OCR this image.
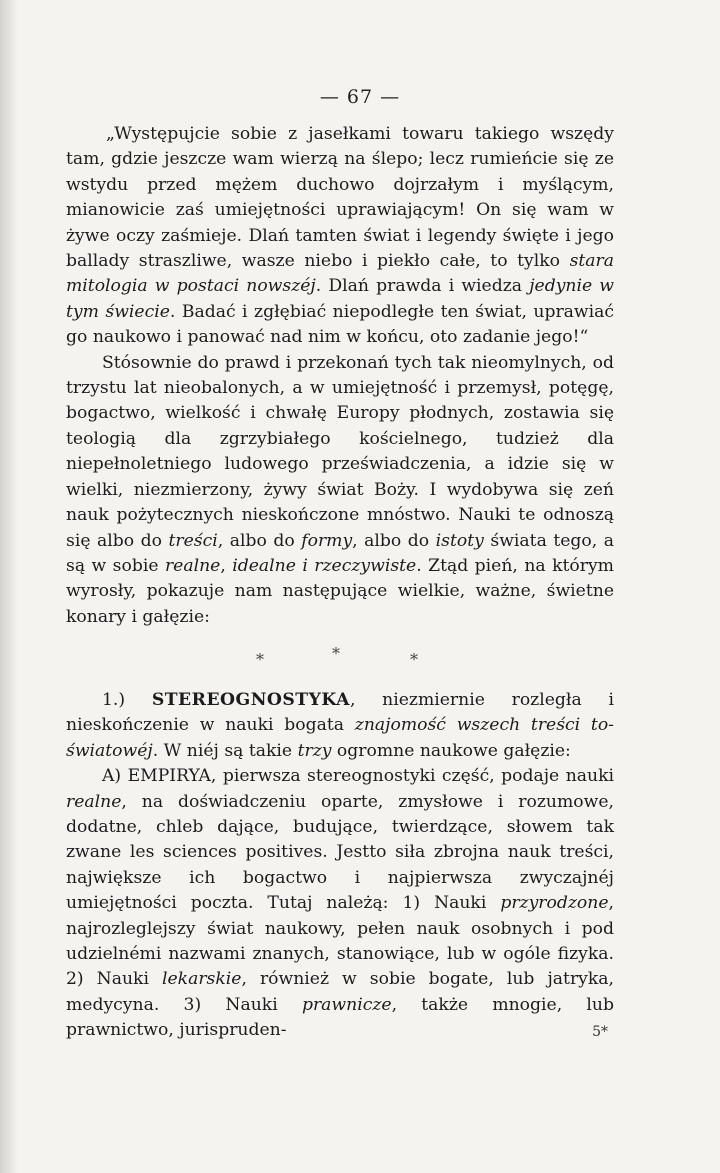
— 67 —

„Występujcie sobie z jasełkami towaru takiego wszędy tam, gdzie jeszcze wam wierzą na ślepo; lecz rumieńcie się ze wstydu przed mężem duchowo dojrzałym i myślącym, mianowicie zaś umiejętności uprawiającym! On się wam w żywe oczy zaśmieje. Dlań tamten świat i legendy święte i jego ballady straszliwe, wasze niebo i piekło całe, to tylko stara mitologia w postaci nowszéj. Dlań prawda i wiedza jedynie w tym świecie. Badać i zgłębiać niepodległe ten świat, uprawiać go naukowo i panować nad nim w końcu, oto zadanie jego!“

Stósownie do prawd i przekonań tych tak nieomylnych, od trzystu lat nieobalonych, a w umiejętność i przemysł, potęgę, bogactwo, wielkość i chwałę Europy płodnych, zostawia się teologią dla zgrzybiałego kościelnego, tudzież dla niepełnoletniego ludowego przeświadczenia, a idzie się w wielki, niezmierzony, żywy świat Boży. I wydobywa się zeń nauk pożytecznych nieskończone mnóstwo. Nauki te odnoszą się albo do treści, albo do formy, albo do istoty świata tego, a są w sobie realne, idealne i rzeczywiste. Ztąd pień, na którym wyrosły, pokazuje nam następujące wielkie, ważne, świetne konary i gałęzie:

*	*	*

1.) STEREOGNOSTYKA, niezmiernie rozległa i nieskończenie w nauki bogata znajomość wszech treści to-światowéj. W niéj są takie trzy ogromne naukowe gałęzie:

A) EMPIRYA, pierwsza stereognostyki część, podaje nauki realne, na doświadczeniu oparte, zmysłowe i rozumowe, dodatne, chleb dające, budujące, twierdzące, słowem tak zwane les sciences positives. Jestto siła zbrojna nauk treści, największe ich bogactwo i najpierwsza zwyczajnéj umiejętności poczta. Tutaj należą: 1) Nauki przyrodzone, najrozleglejszy świat naukowy, pełen nauk osobnych i pod udzielnémi nazwami znanych, stanowiące, lub w ogóle fizyka. 2) Nauki lekarskie, również w sobie bogate, lub jatryka, medycyna. 3) Nauki prawnicze, także mnogie, lub prawnictwo, jurispruden-	5*
